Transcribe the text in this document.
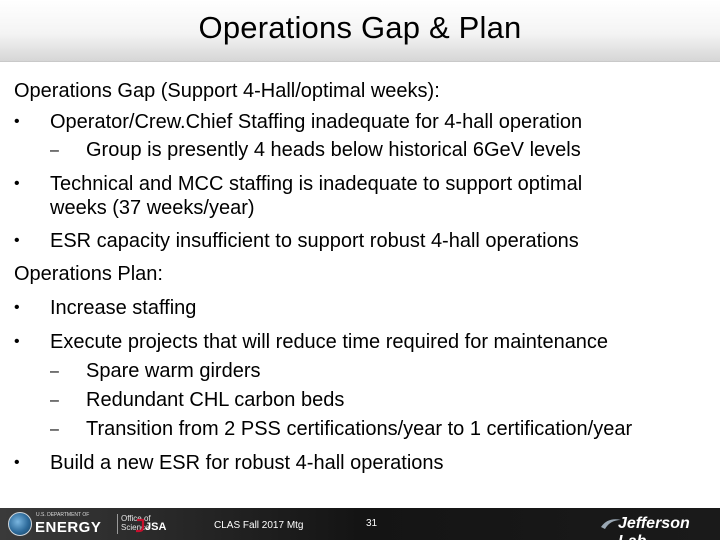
Operations Gap & Plan
Operations Gap (Support 4-Hall/optimal weeks):
•	Operator/Crew.Chief Staffing inadequate for 4-hall operation
‒ Group is presently 4 heads below historical 6GeV levels
•	Technical and MCC staffing is inadequate to support optimal
weeks (37 weeks/year)
•	ESR capacity insufficient to support robust 4-hall operations
Operations Plan:
•	Increase staffing
•	Execute projects that will reduce time required for maintenance
‒ Spare warm girders
‒ Redundant CHL carbon beds
‒ Transition from 2 PSS certifications/year to 1 certification/year
•	Build a new ESR for robust 4-hall operations
U.S. DEPARTMENT OF
ENERGY
Office of
Science
JSA	CLAS Fall 2017 Mtg	31	Jefferson Lab
